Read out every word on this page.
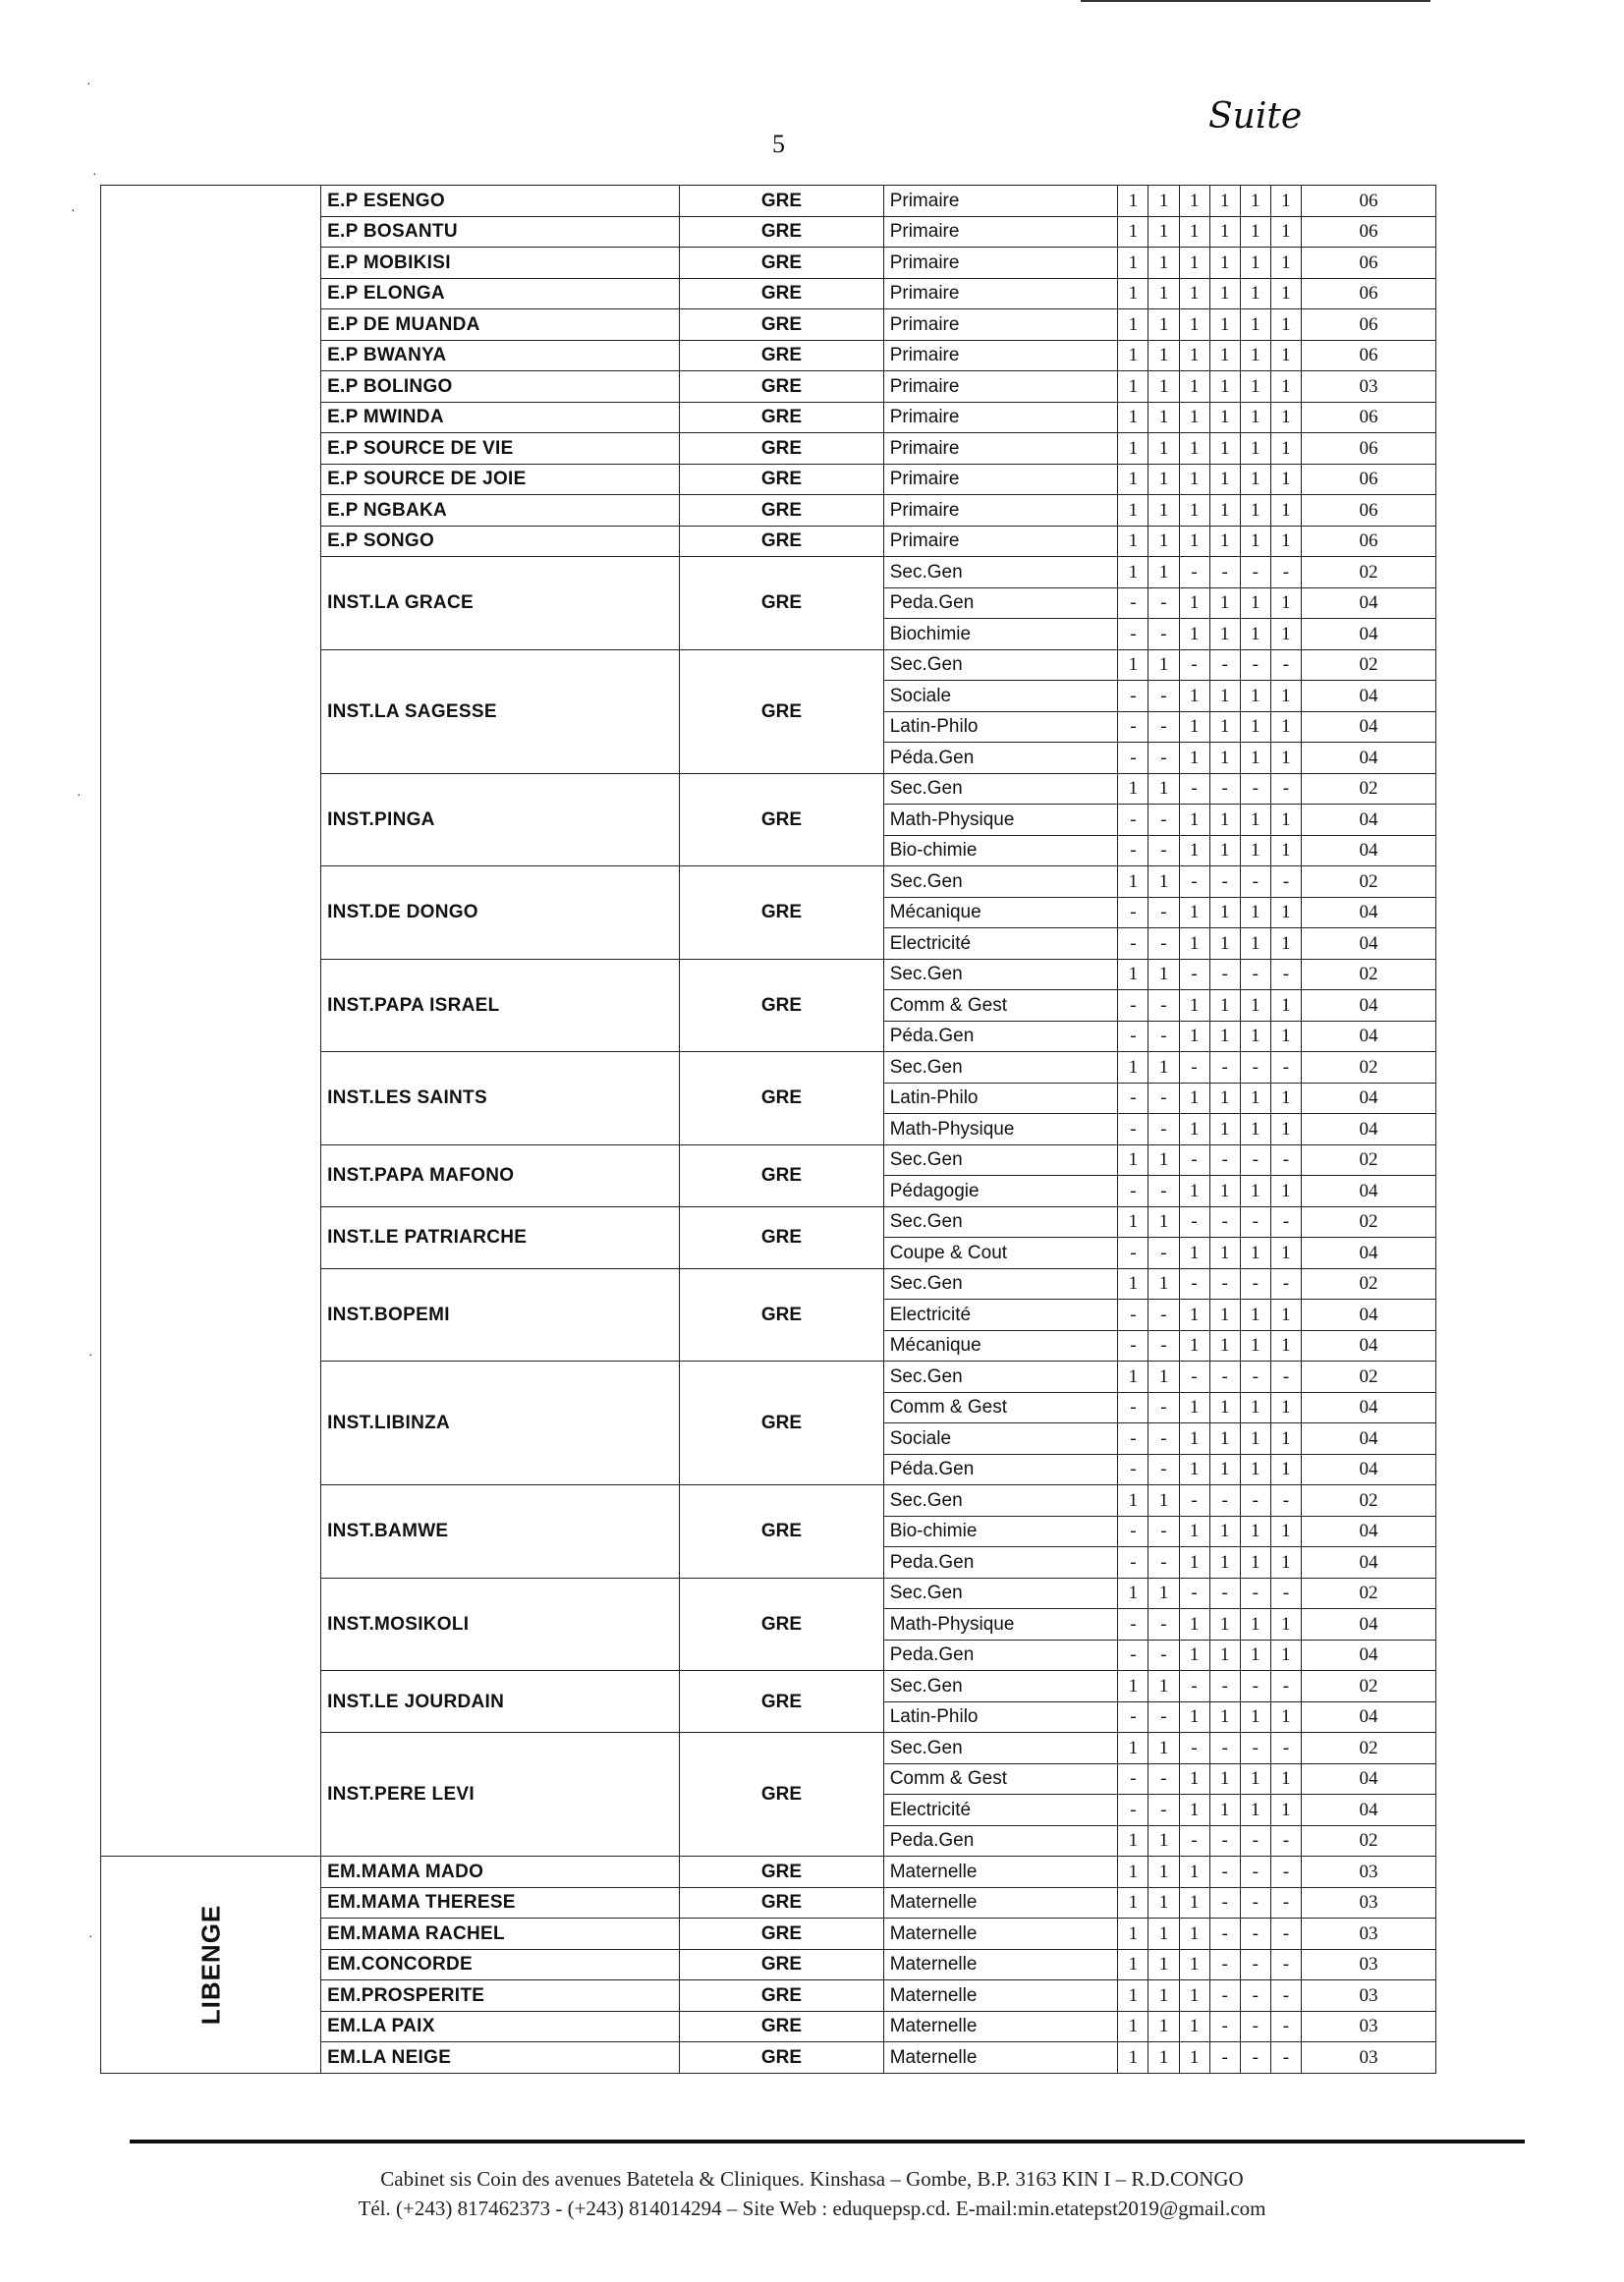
·
·
·
·
·
·
5
Suite
	E.P ESENGO	GRE	Primaire	1	1	1	1	1	1	06
	E.P BOSANTU	GRE	Primaire	1	1	1	1	1	1	06
	E.P MOBIKISI	GRE	Primaire	1	1	1	1	1	1	06
	E.P ELONGA	GRE	Primaire	1	1	1	1	1	1	06
	E.P DE MUANDA	GRE	Primaire	1	1	1	1	1	1	06
	E.P BWANYA	GRE	Primaire	1	1	1	1	1	1	06
	E.P BOLINGO	GRE	Primaire	1	1	1	1	1	1	03
	E.P MWINDA	GRE	Primaire	1	1	1	1	1	1	06
	E.P SOURCE DE VIE	GRE	Primaire	1	1	1	1	1	1	06
	E.P SOURCE DE JOIE	GRE	Primaire	1	1	1	1	1	1	06
	E.P NGBAKA	GRE	Primaire	1	1	1	1	1	1	06
	E.P SONGO	GRE	Primaire	1	1	1	1	1	1	06
	INST.LA GRACE	GRE	Sec.Gen	1	1	-	-	-	-	02
			Peda.Gen	-	-	1	1	1	1	04
			Biochimie	-	-	1	1	1	1	04
	INST.LA SAGESSE	GRE	Sec.Gen	1	1	-	-	-	-	02
			Sociale	-	-	1	1	1	1	04
			Latin-Philo	-	-	1	1	1	1	04
			Péda.Gen	-	-	1	1	1	1	04
	INST.PINGA	GRE	Sec.Gen	1	1	-	-	-	-	02
			Math-Physique	-	-	1	1	1	1	04
			Bio-chimie	-	-	1	1	1	1	04
	INST.DE DONGO	GRE	Sec.Gen	1	1	-	-	-	-	02
			Mécanique	-	-	1	1	1	1	04
			Electricité	-	-	1	1	1	1	04
	INST.PAPA ISRAEL	GRE	Sec.Gen	1	1	-	-	-	-	02
			Comm & Gest	-	-	1	1	1	1	04
			Péda.Gen	-	-	1	1	1	1	04
	INST.LES SAINTS	GRE	Sec.Gen	1	1	-	-	-	-	02
			Latin-Philo	-	-	1	1	1	1	04
			Math-Physique	-	-	1	1	1	1	04
	INST.PAPA MAFONO	GRE	Sec.Gen	1	1	-	-	-	-	02
			Pédagogie	-	-	1	1	1	1	04
	INST.LE PATRIARCHE	GRE	Sec.Gen	1	1	-	-	-	-	02
			Coupe & Cout	-	-	1	1	1	1	04
	INST.BOPEMI	GRE	Sec.Gen	1	1	-	-	-	-	02
			Electricité	-	-	1	1	1	1	04
			Mécanique	-	-	1	1	1	1	04
	INST.LIBINZA	GRE	Sec.Gen	1	1	-	-	-	-	02
			Comm & Gest	-	-	1	1	1	1	04
			Sociale	-	-	1	1	1	1	04
			Péda.Gen	-	-	1	1	1	1	04
	INST.BAMWE	GRE	Sec.Gen	1	1	-	-	-	-	02
			Bio-chimie	-	-	1	1	1	1	04
			Peda.Gen	-	-	1	1	1	1	04
	INST.MOSIKOLI	GRE	Sec.Gen	1	1	-	-	-	-	02
			Math-Physique	-	-	1	1	1	1	04
			Peda.Gen	-	-	1	1	1	1	04
	INST.LE JOURDAIN	GRE	Sec.Gen	1	1	-	-	-	-	02
			Latin-Philo	-	-	1	1	1	1	04
	INST.PERE LEVI	GRE	Sec.Gen	1	1	-	-	-	-	02
			Comm & Gest	-	-	1	1	1	1	04
			Electricité	-	-	1	1	1	1	04
			Peda.Gen	1	1	-	-	-	-	02
LIBENGE	EM.MAMA MADO	GRE	Maternelle	1	1	1	-	-	-	03
	EM.MAMA THERESE	GRE	Maternelle	1	1	1	-	-	-	03
	EM.MAMA RACHEL	GRE	Maternelle	1	1	1	-	-	-	03
	EM.CONCORDE	GRE	Maternelle	1	1	1	-	-	-	03
	EM.PROSPERITE	GRE	Maternelle	1	1	1	-	-	-	03
	EM.LA PAIX	GRE	Maternelle	1	1	1	-	-	-	03
	EM.LA NEIGE	GRE	Maternelle	1	1	1	-	-	-	03
Cabinet sis Coin des avenues Batetela & Cliniques. Kinshasa – Gombe, B.P. 3163 KIN I – R.D.CONGO
Tél. (+243) 817462373 - (+243) 814014294 – Site Web : eduquepsp.cd. E-mail:min.etatepst2019@gmail.com
